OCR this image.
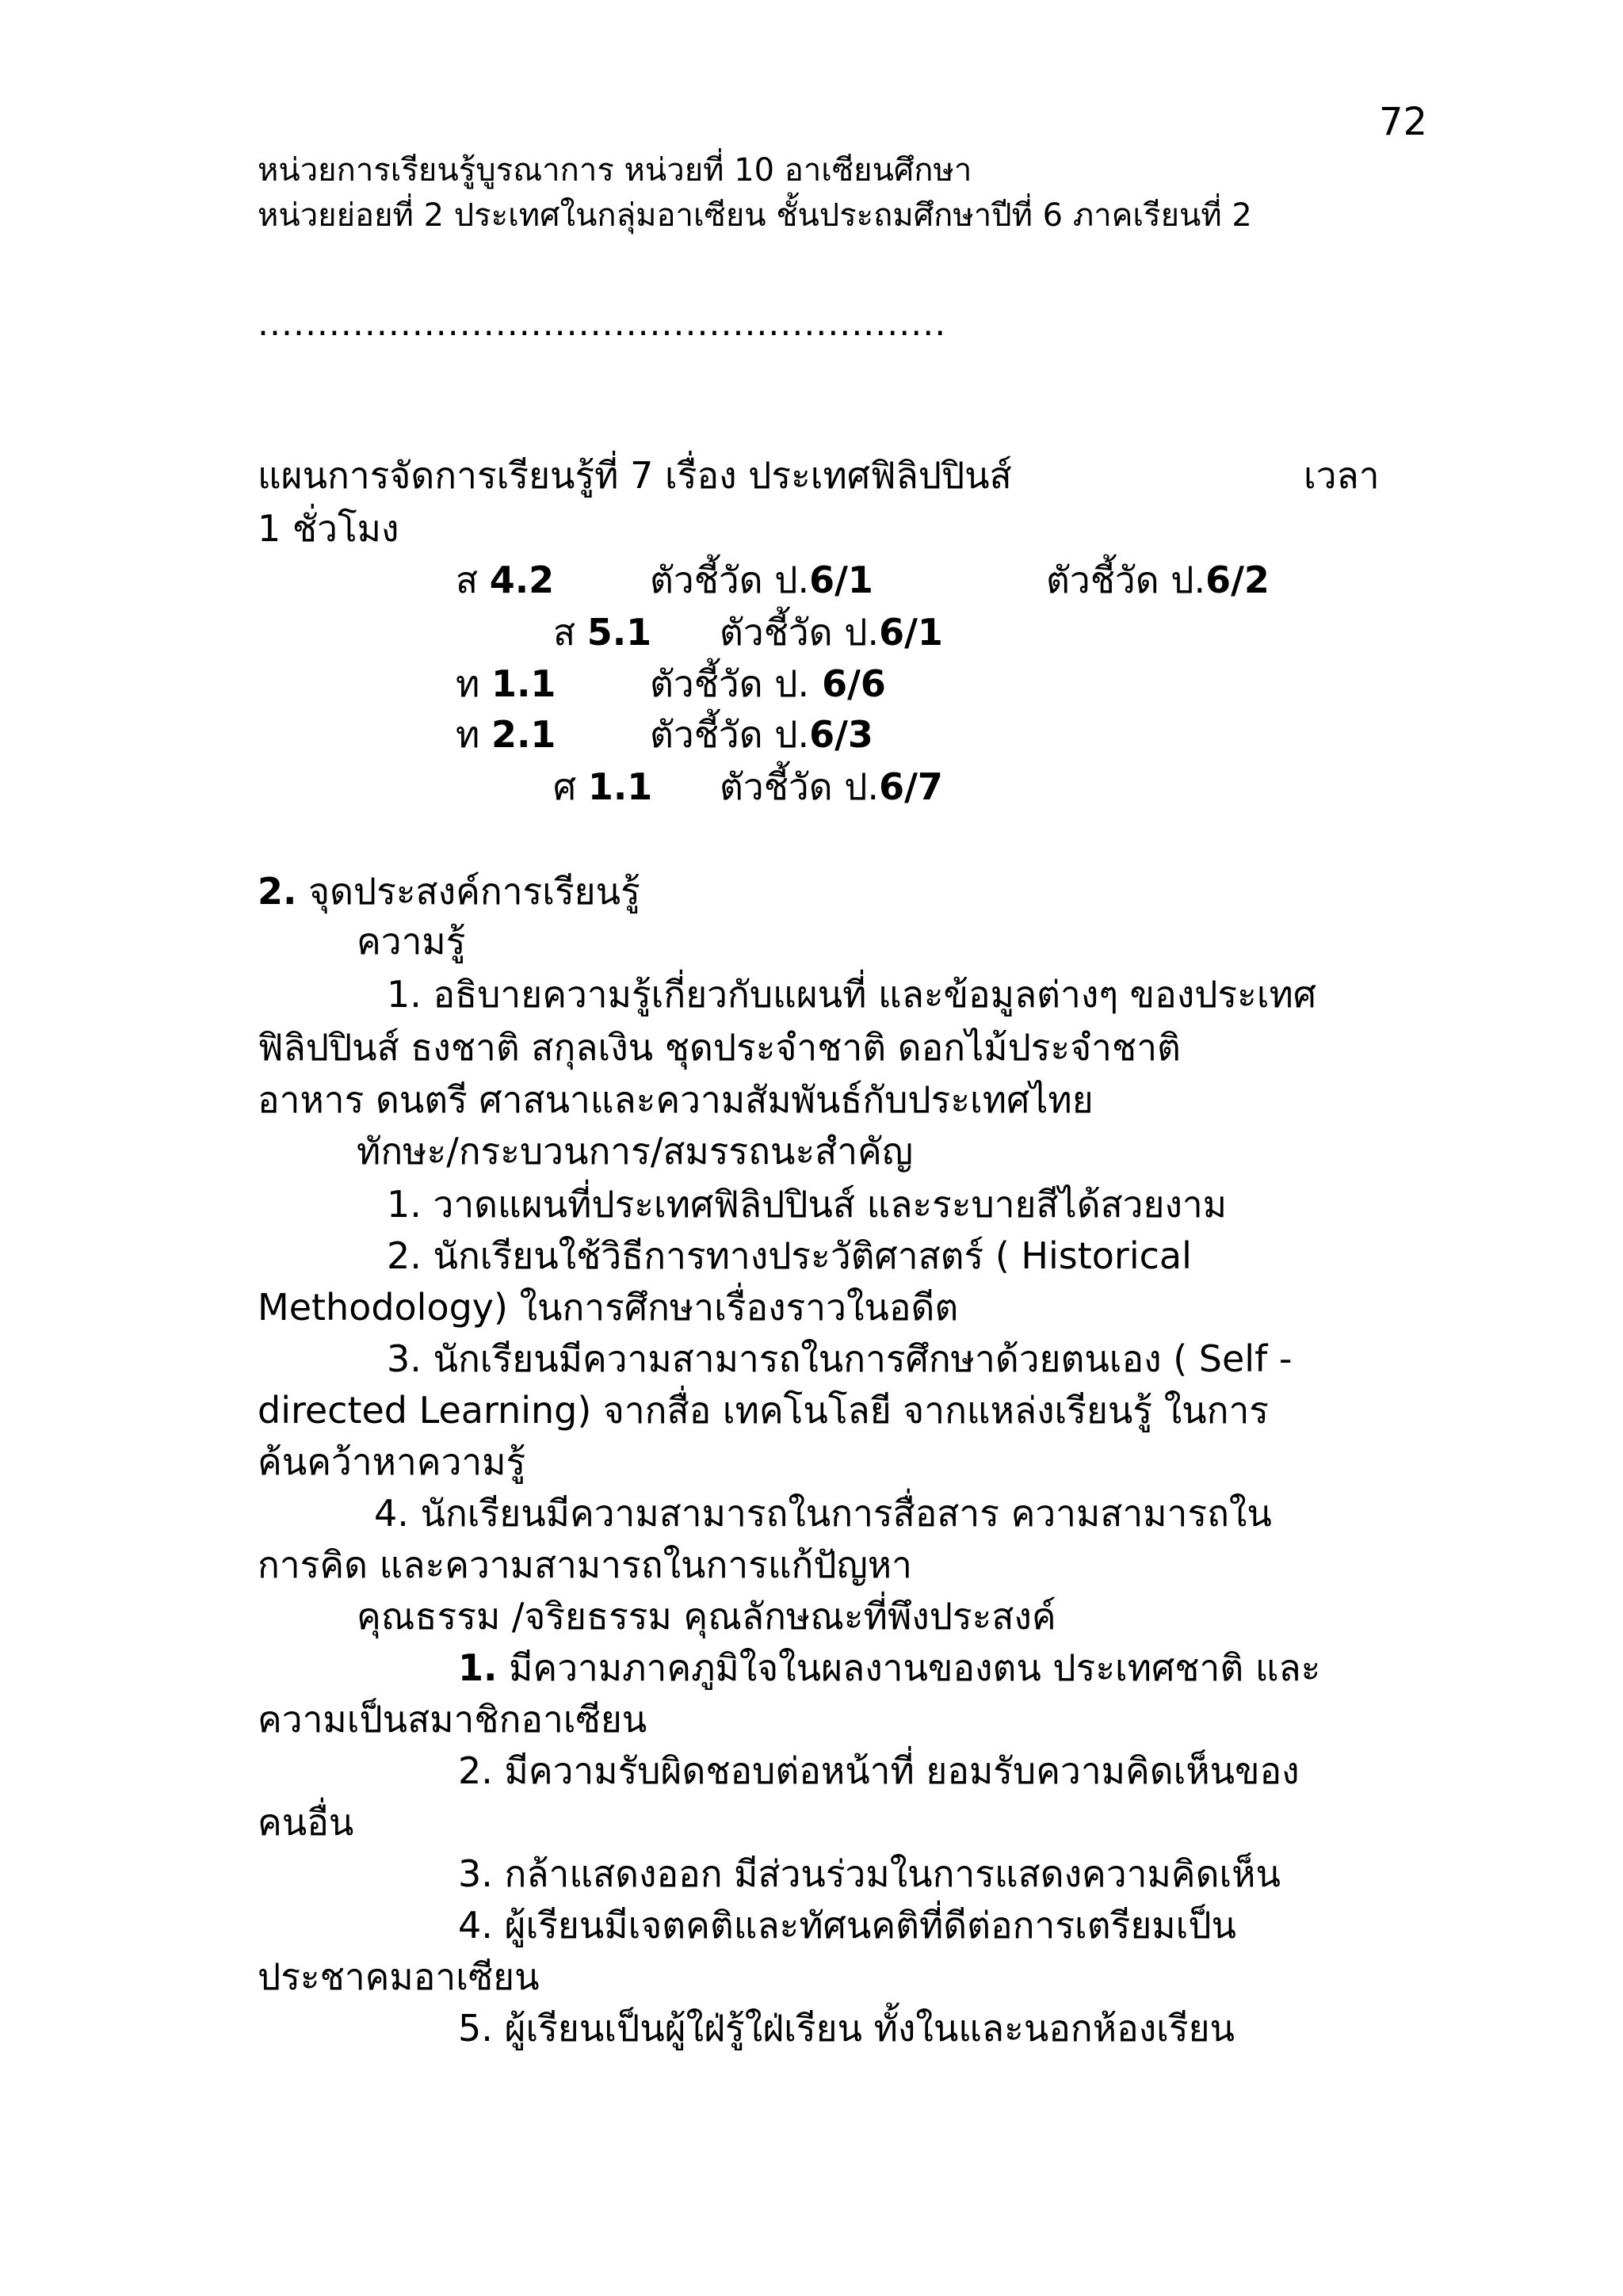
72
หน่วยการเรียนรู้บูรณาการ หน่วยที่ 10 อาเซียนศึกษา
หน่วยย่อยที่ 2 ประเทศในกลุ่มอาเซียน ชั้นประถมศึกษาปีที่ 6 ภาคเรียนที่ 2
..........................................................
แผนการจัดการเรียนรู้ที่ 7 เรื่อง ประเทศฟิลิปปินส์	เวลา
1 ชั่วโมง
ส 4.2	ตัวชี้วัด ป.6/1	ตัวชี้วัด ป.6/2
ส 5.1 ตัวชี้วัด ป.6/1
ท 1.1	ตัวชี้วัด ป. 6/6
ท 2.1	ตัวชี้วัด ป.6/3
ศ 1.1 ตัวชี้วัด ป.6/7
2. จุดประสงค์การเรียนรู้
ความรู้
1. อธิบายความรู้เกี่ยวกับแผนที่ และข้อมูลต่างๆ ของประเทศ
ฟิลิปปินส์ ธงชาติ สกุลเงิน ชุดประจำชาติ ดอกไม้ประจำชาติ
อาหาร ดนตรี ศาสนาและความสัมพันธ์กับประเทศไทย
ทักษะ/กระบวนการ/สมรรถนะสำคัญ
1. วาดแผนที่ประเทศฟิลิปปินส์ และระบายสีได้สวยงาม
2. นักเรียนใช้วิธีการทางประวัติศาสตร์ ( Historical
Methodology) ในการศึกษาเรื่องราวในอดีต
3. นักเรียนมีความสามารถในการศึกษาด้วยตนเอง ( Self -
directed Learning) จากสื่อ เทคโนโลยี จากแหล่งเรียนรู้ ในการ
ค้นคว้าหาความรู้
4. นักเรียนมีความสามารถในการสื่อสาร ความสามารถใน
การคิด และความสามารถในการแก้ปัญหา
คุณธรรม /จริยธรรม คุณลักษณะที่พึงประสงค์
1. มีความภาคภูมิใจในผลงานของตน ประเทศชาติ และ
ความเป็นสมาชิกอาเซียน
2. มีความรับผิดชอบต่อหน้าที่ ยอมรับความคิดเห็นของ
คนอื่น
3. กล้าแสดงออก มีส่วนร่วมในการแสดงความคิดเห็น
4. ผู้เรียนมีเจตคติและทัศนคติที่ดีต่อการเตรียมเป็น
ประชาคมอาเซียน
5. ผู้เรียนเป็นผู้ใฝ่รู้ใฝ่เรียน ทั้งในและนอกห้องเรียน
